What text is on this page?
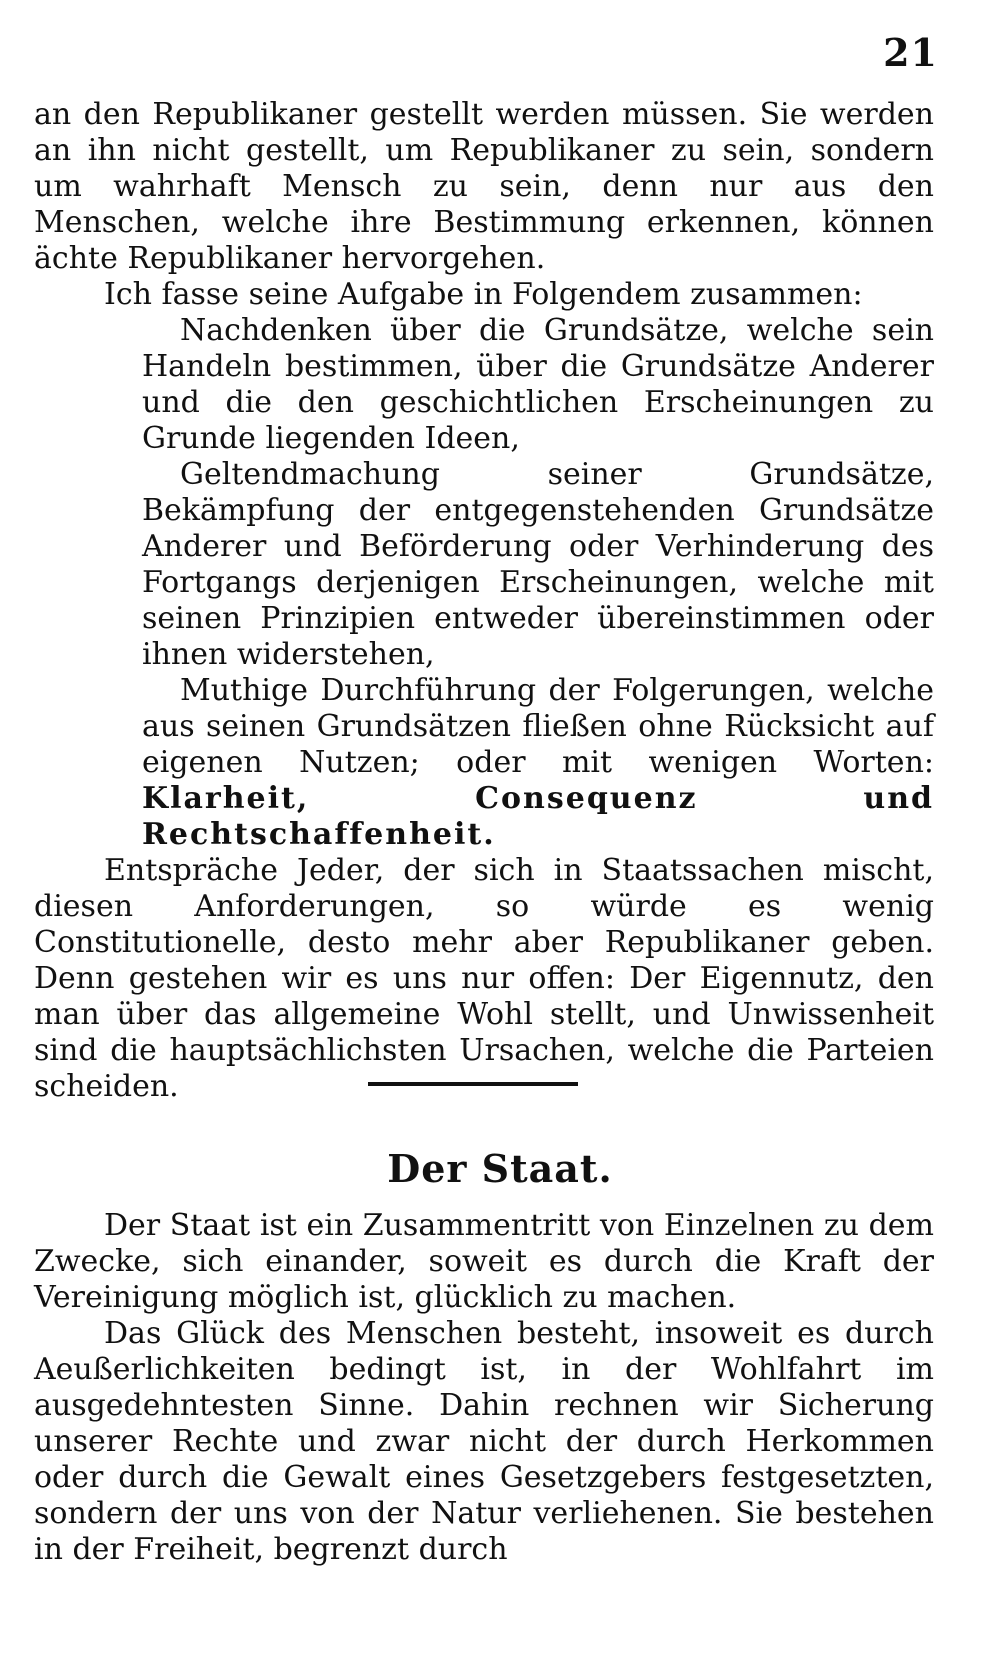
21

an den Republikaner gestellt werden müssen. Sie werden an ihn nicht gestellt, um Republikaner zu sein, sondern um wahrhaft Mensch zu sein, denn nur aus den Menschen, welche ihre Bestimmung erkennen, können ächte Republikaner hervorgehen.

Ich fasse seine Aufgabe in Folgendem zusammen:

Nachdenken über die Grundsätze, welche sein Handeln bestimmen, über die Grundsätze Anderer und die den geschichtlichen Erscheinungen zu Grunde liegenden Ideen,

Geltendmachung seiner Grundsätze, Bekämpfung der entgegenstehenden Grundsätze Anderer und Beförderung oder Verhinderung des Fortgangs derjenigen Erscheinungen, welche mit seinen Prinzipien entweder übereinstimmen oder ihnen widerstehen,

Muthige Durchführung der Folgerungen, welche aus seinen Grundsätzen fließen ohne Rücksicht auf eigenen Nutzen; oder mit wenigen Worten: Klarheit, Consequenz und Rechtschaffenheit.

Entspräche Jeder, der sich in Staatssachen mischt, diesen Anforderungen, so würde es wenig Constitutionelle, desto mehr aber Republikaner geben. Denn gestehen wir es uns nur offen: Der Eigennutz, den man über das allgemeine Wohl stellt, und Unwissenheit sind die hauptsächlichsten Ursachen, welche die Parteien scheiden.

Der Staat.

Der Staat ist ein Zusammentritt von Einzelnen zu dem Zwecke, sich einander, soweit es durch die Kraft der Vereinigung möglich ist, glücklich zu machen.

Das Glück des Menschen besteht, insoweit es durch Aeußerlichkeiten bedingt ist, in der Wohlfahrt im ausgedehntesten Sinne. Dahin rechnen wir Sicherung unserer Rechte und zwar nicht der durch Herkommen oder durch die Gewalt eines Gesetzgebers festgesetzten, sondern der uns von der Natur verliehenen. Sie bestehen in der Freiheit, begrenzt durch
